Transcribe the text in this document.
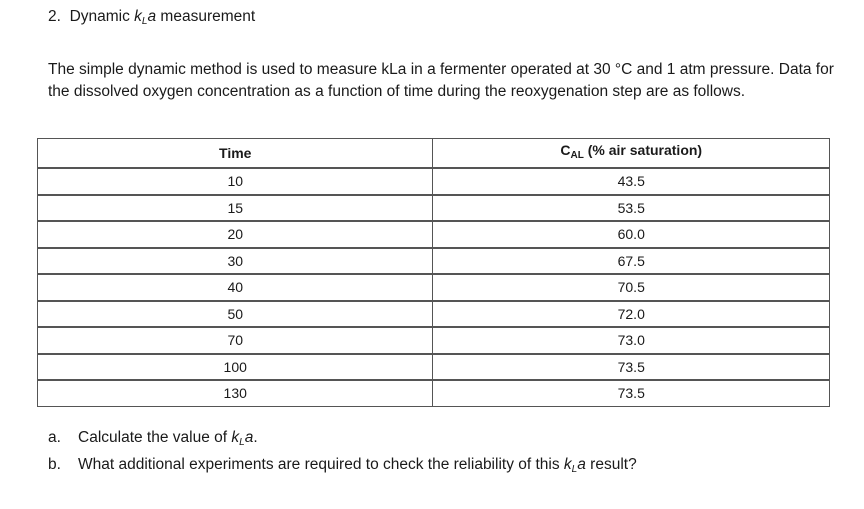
2. Dynamic $k_La$ measurement
The simple dynamic method is used to measure kLa in a fermenter operated at 30 °C and 1 atm pressure. Data for the dissolved oxygen concentration as a function of time during the reoxygenation step are as follows.
Time	$C_{AL}$ (% air saturation)
10	43.5
15	53.5
20	60.0
30	67.5
40	70.5
50	72.0
70	73.0
100	73.5
130	73.5
a. Calculate the value of $k_La$.
b. What additional experiments are required to check the reliability of this $k_La$ result?
